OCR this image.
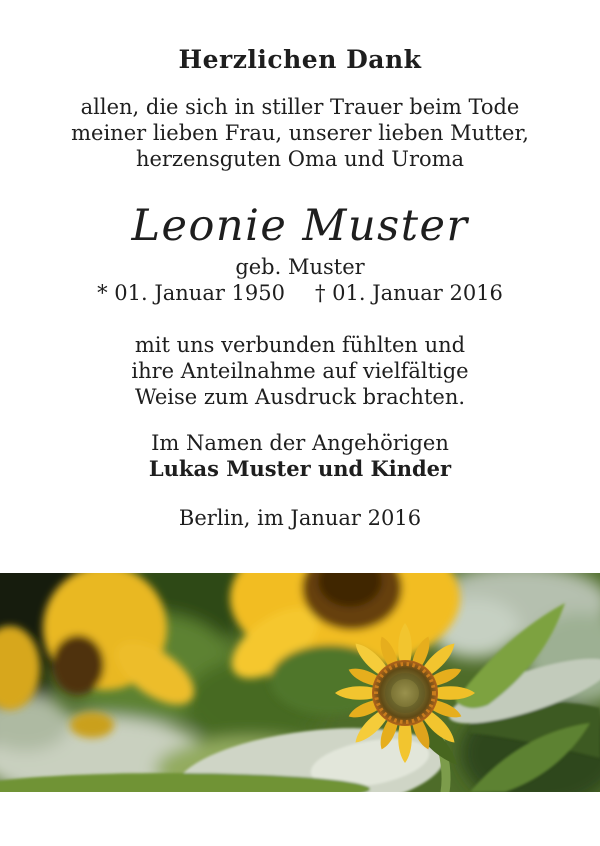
Herzlichen Dank

allen, die sich in stiller Trauer beim Tode
meiner lieben Frau, unserer lieben Mutter,
herzensguten Oma und Uroma

Leonie Muster
geb. Muster
* 01. Januar 1950 † 01. Januar 2016

mit uns verbunden fühlten und
ihre Anteilnahme auf vielfältige
Weise zum Ausdruck brachten.

Im Namen der Angehörigen
Lukas Muster und Kinder

Berlin, im Januar 2016
